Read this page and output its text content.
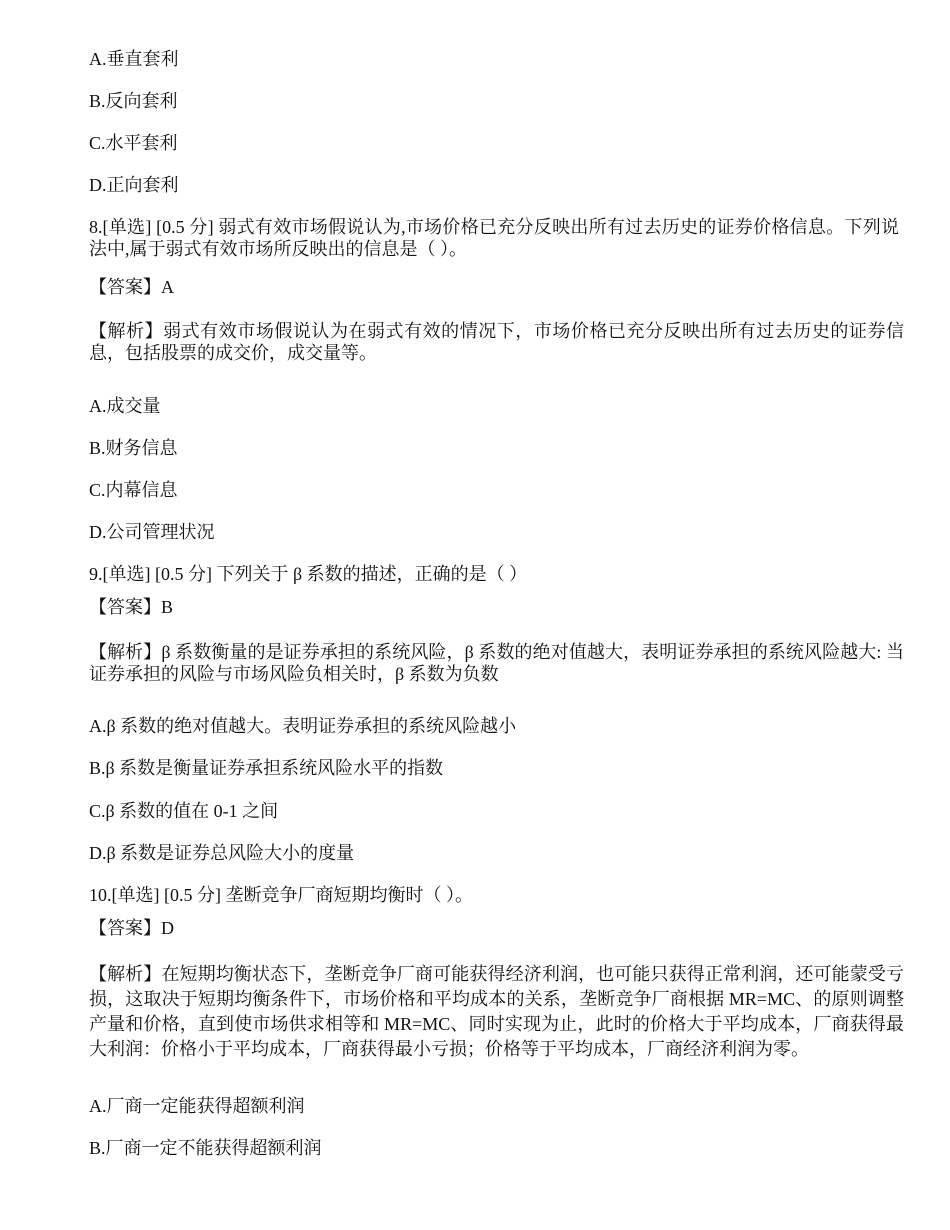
A.垂直套利
B.反向套利
C.水平套利
D.正向套利
8.[单选] [0.5 分] 弱式有效市场假说认为,市场价格已充分反映出所有过去历史的证券价格信息。下列说法中,属于弱式有效市场所反映出的信息是（ ）。
【答案】A
【解析】弱式有效市场假说认为在弱式有效的情况下，市场价格已充分反映出所有过去历史的证券信息，包括股票的成交价，成交量等。
A.成交量
B.财务信息
C.内幕信息
D.公司管理状况
9.[单选] [0.5 分] 下列关于 β 系数的描述，正确的是（ ）
【答案】B
【解析】β 系数衡量的是证券承担的系统风险，β 系数的绝对值越大，表明证券承担的系统风险越大: 当证券承担的风险与市场风险负相关时，β 系数为负数
A.β 系数的绝对值越大。表明证券承担的系统风险越小
B.β 系数是衡量证券承担系统风险水平的指数
C.β 系数的值在 0-1 之间
D.β 系数是证券总风险大小的度量
10.[单选] [0.5 分] 垄断竞争厂商短期均衡时（ ）。
【答案】D
【解析】在短期均衡状态下，垄断竞争厂商可能获得经济利润，也可能只获得正常利润，还可能蒙受亏损，这取决于短期均衡条件下，市场价格和平均成本的关系，垄断竞争厂商根据 MR=MC、的原则调整产量和价格，直到使市场供求相等和 MR=MC、同时实现为止，此时的价格大于平均成本，厂商获得最大利润：价格小于平均成本，厂商获得最小亏损；价格等于平均成本，厂商经济利润为零。
A.厂商一定能获得超额利润
B.厂商一定不能获得超额利润
